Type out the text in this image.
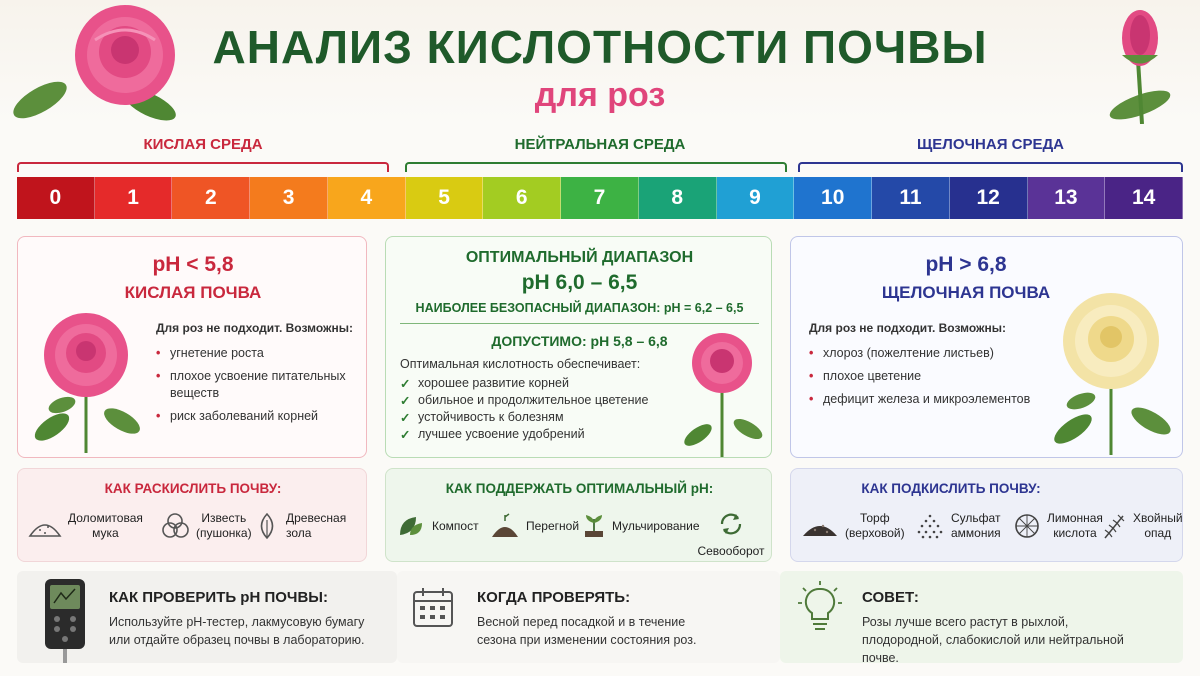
АНАЛИЗ КИСЛОТНОСТИ ПОЧВЫ
для роз
КИСЛАЯ СРЕДА	НЕЙТРАЛЬНАЯ СРЕДА	ЩЕЛОЧНАЯ СРЕДА
0	1	2	3	4	5	6	7	8	9	10	11	12	13	14
pH < 5,8
КИСЛАЯ ПОЧВА
Для роз не подходит. Возможны:
• угнетение роста
• плохое усвоение питательных веществ
• риск заболеваний корней
ОПТИМАЛЬНЫЙ ДИАПАЗОН
pH 6,0 – 6,5
НАИБОЛЕЕ БЕЗОПАСНЫЙ ДИАПАЗОН: pH = 6,2 – 6,5
ДОПУСТИМО: pH 5,8 – 6,8
Оптимальная кислотность обеспечивает:
✓ хорошее развитие корней
✓ обильное и продолжительное цветение
✓ устойчивость к болезням
✓ лучшее усвоение удобрений
pH > 6,8
ЩЕЛОЧНАЯ ПОЧВА
Для роз не подходит. Возможны:
• хлороз (пожелтение листьев)
• плохое цветение
• дефицит железа и микроэлементов
КАК РАСКИСЛИТЬ ПОЧВУ:
Доломитовая
мука
Известь
(пушонка)
Древесная
зола
КАК ПОДДЕРЖАТЬ ОПТИМАЛЬНЫЙ pH:
Компост	Перегной	Мульчирование
Севооборот
КАК ПОДКИСЛИТЬ ПОЧВУ:
Торф
(верховой)
Сульфат
аммония
Лимонная
кислота
Хвойный
опад
КАК ПРОВЕРИТЬ pH ПОЧВЫ:
Используйте pH-тестер, лакмусовую бумагу или отдайте образец почвы в лабораторию.
КОГДА ПРОВЕРЯТЬ:
Весной перед посадкой и в течение сезона при изменении состояния роз.
СОВЕТ:
Розы лучше всего растут в рыхлой, плодородной, слабокислой или нейтральной почве.
